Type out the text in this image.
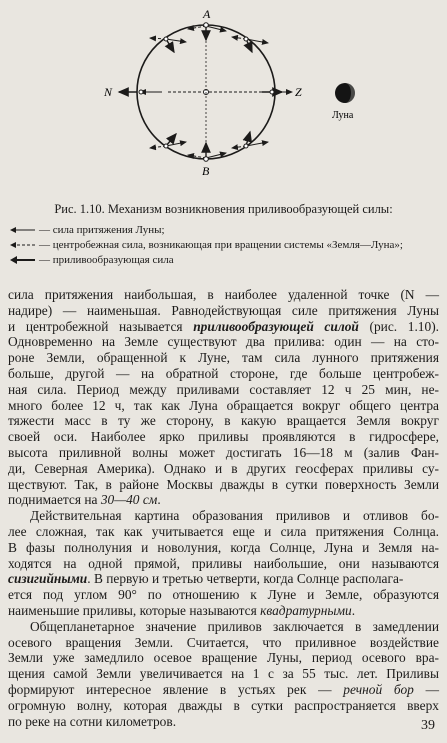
A
B
N	Z
Луна
Рис. 1.10. Механизм возникновения приливообразующей силы:
— сила притяжения Луны;
— центробежная сила, возникающая при вращении системы «Земля—Луна»;
— приливообразующая сила
сила притяжения наибольшая, в наиболее удаленной точке (N —
надире) — наименьшая. Равнодействующая силе притяжения Луны
и центробежной называется приливообразующей силой (рис. 1.10).
Одновременно на Земле существуют два прилива: один — на сто-
роне Земли, обращенной к Луне, там сила лунного притяжения
больше, другой — на обратной стороне, где больше центробеж-
ная сила. Период между приливами составляет 12 ч 25 мин, не-
много более 12 ч, так как Луна обращается вокруг общего центра
тяжести масс в ту же сторону, в какую вращается Земля вокруг
своей оси. Наиболее ярко приливы проявляются в гидросфере,
высота приливной волны может достигать 16—18 м (залив Фан-
ди, Северная Америка). Однако и в других геосферах приливы су-
ществуют. Так, в районе Москвы дважды в сутки поверхность Земли
поднимается на 30—40 см.
Действительная картина образования приливов и отливов бо-
лее сложная, так как учитывается еще и сила притяжения Солнца.
В фазы полнолуния и новолуния, когда Солнце, Луна и Земля на-
ходятся на одной прямой, приливы наибольшие, они называются
сизигийными. В первую и третью четверти, когда Солнце располага-
ется под углом 90° по отношению к Луне и Земле, образуются
наименьшие приливы, которые называются квадратурными.
Общепланетарное значение приливов заключается в замедлении
осевого вращения Земли. Считается, что приливное воздействие
Земли уже замедлило осевое вращение Луны, период осевого вра-
щения самой Земли увеличивается на 1 с за 55 тыс. лет. Приливы
формируют интересное явление в устьях рек — речной бор —
огромную волну, которая дважды в сутки распространяется вверх
по реке на сотни километров.	39
